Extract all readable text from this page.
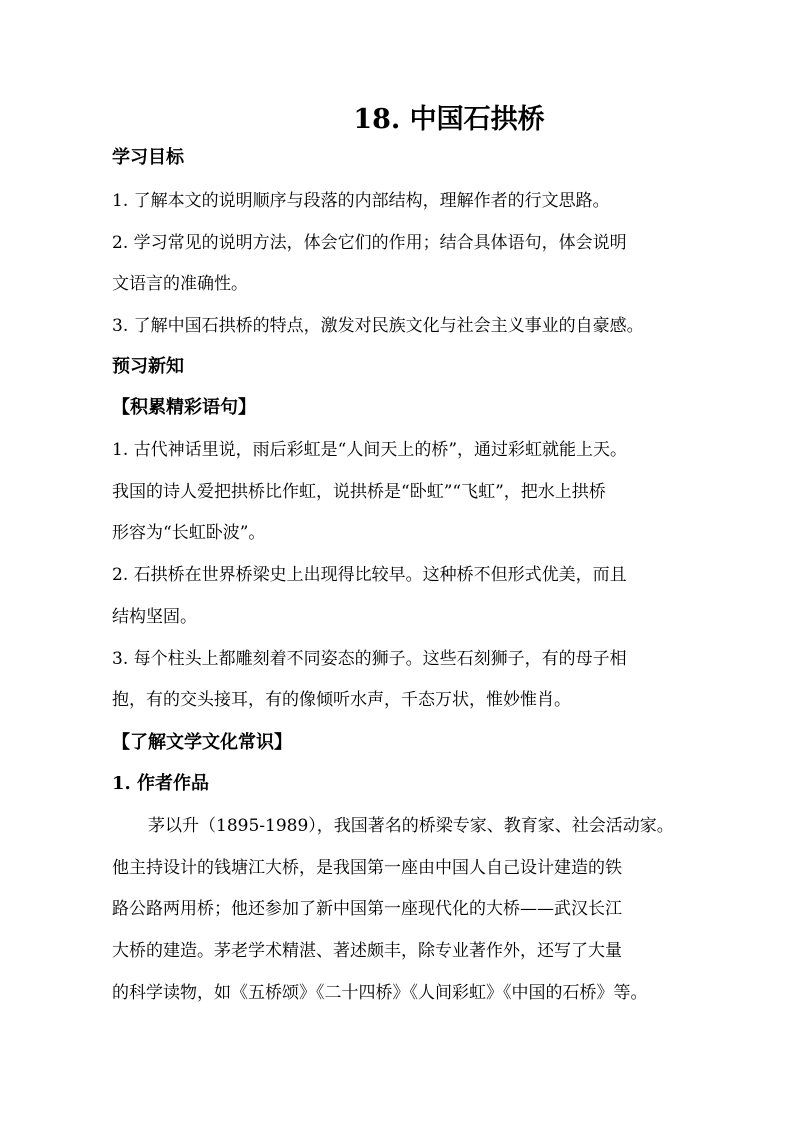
18. 中国石拱桥
学习目标
1. 了解本文的说明顺序与段落的内部结构，理解作者的行文思路。
2. 学习常见的说明方法，体会它们的作用；结合具体语句，体会说明
文语言的准确性。
3. 了解中国石拱桥的特点，激发对民族文化与社会主义事业的自豪感。
预习新知
【积累精彩语句】
1. 古代神话里说，雨后彩虹是“人间天上的桥”，通过彩虹就能上天。
我国的诗人爱把拱桥比作虹，说拱桥是“卧虹”“飞虹”，把水上拱桥
形容为“长虹卧波”。
2. 石拱桥在世界桥梁史上出现得比较早。这种桥不但形式优美，而且
结构坚固。
3. 每个柱头上都雕刻着不同姿态的狮子。这些石刻狮子，有的母子相
抱，有的交头接耳，有的像倾听水声，千态万状，惟妙惟肖。
【了解文学文化常识】
1. 作者作品
茅以升（1895-1989），我国著名的桥梁专家、教育家、社会活动家。
他主持设计的钱塘江大桥，是我国第一座由中国人自己设计建造的铁
路公路两用桥；他还参加了新中国第一座现代化的大桥——武汉长江
大桥的建造。茅老学术精湛、著述颇丰，除专业著作外，还写了大量
的科学读物，如《五桥颂》《二十四桥》《人间彩虹》《中国的石桥》等。
